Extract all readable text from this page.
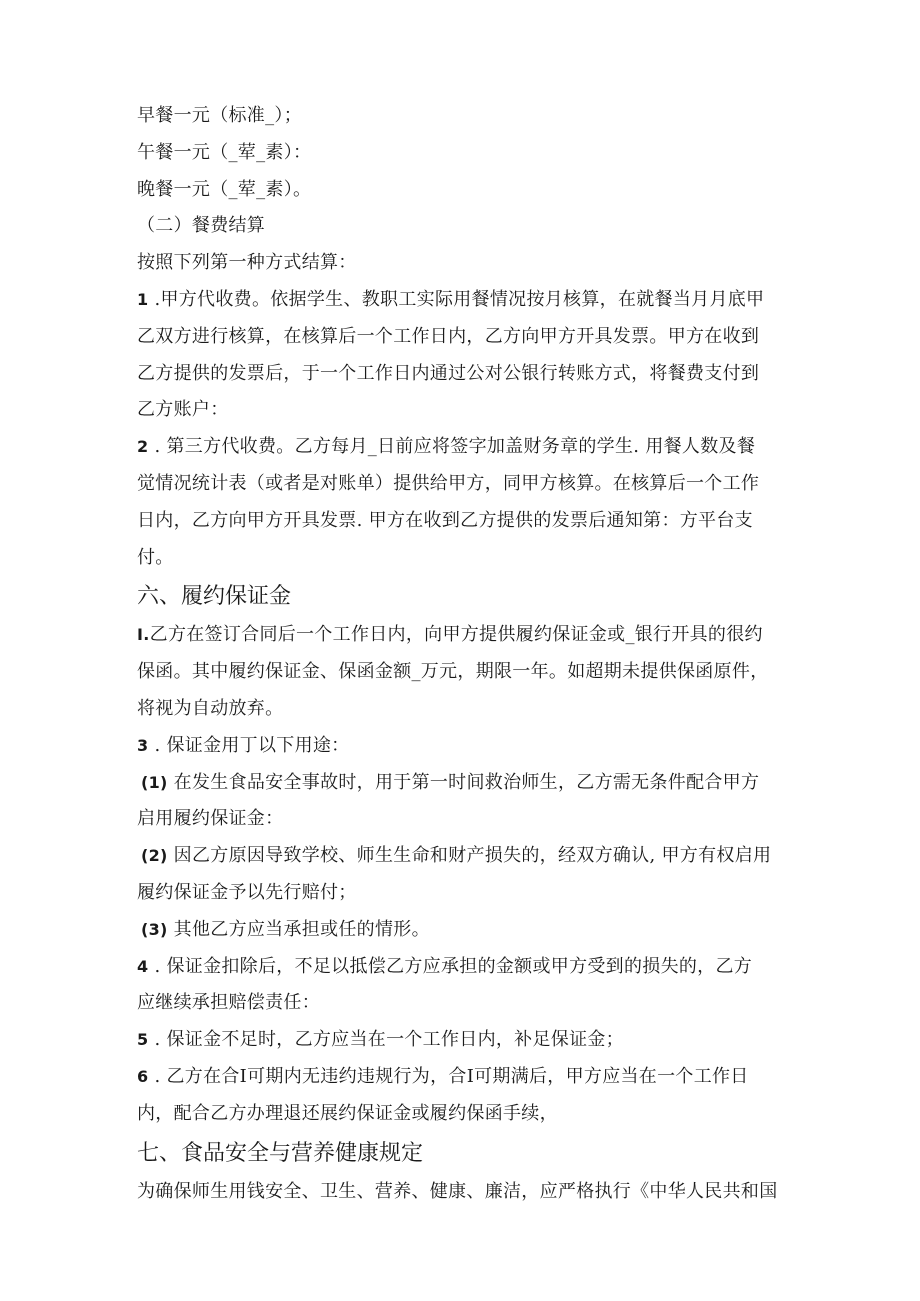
早餐一元（标准_）；
午餐一元（_荤_素）：
晚餐一元（_荤_素）。
（二）餐费结算
按照下列第一种方式结算：
1 .甲方代收费。依据学生、教职工实际用餐情况按月核算，在就餐当月月底甲
乙双方进行核算，在核算后一个工作日内，乙方向甲方开具发票。甲方在收到
乙方提供的发票后，于一个工作日内通过公对公银行转账方式，将餐费支付到
乙方账户：
2 . 第三方代收费。乙方每月_日前应将签字加盖财务章的学生. 用餐人数及餐
觉情况统计表（或者是对账单）提供给甲方，同甲方核算。在核算后一个工作
日内，乙方向甲方开具发票. 甲方在收到乙方提供的发票后通知第：方平台支
付。
六、履约保证金
I.乙方在签订合同后一个工作日内，向甲方提供履约保证金或_银行开具的很约
保函。其中履约保证金、保函金额_万元，期限一年。如超期未提供保函原件，
将视为自动放弃。
3 . 保证金用丁以下用途：
(1) 在发生食品安全事故时，用于第一时间救治师生，乙方需无条件配合甲方
启用履约保证金：
(2) 因乙方原因导致学校、师生生命和财产损失的，经双方确认, 甲方有权启用
履约保证金予以先行赔付；
(3) 其他乙方应当承担或任的情形。
4 . 保证金扣除后，不足以抵偿乙方应承担的金额或甲方受到的损失的，乙方
应继续承担赔偿责任：
5 . 保证金不足时，乙方应当在一个工作日内，补足保证金；
6 . 乙方在合I可期内无违约违规行为，合I可期满后，甲方应当在一个工作日
内，配合乙方办理退还展约保证金或履约保函手续，
七、食品安全与营养健康规定
为确保师生用钱安全、卫生、营养、健康、廉洁，应严格执行《中华人民共和国
